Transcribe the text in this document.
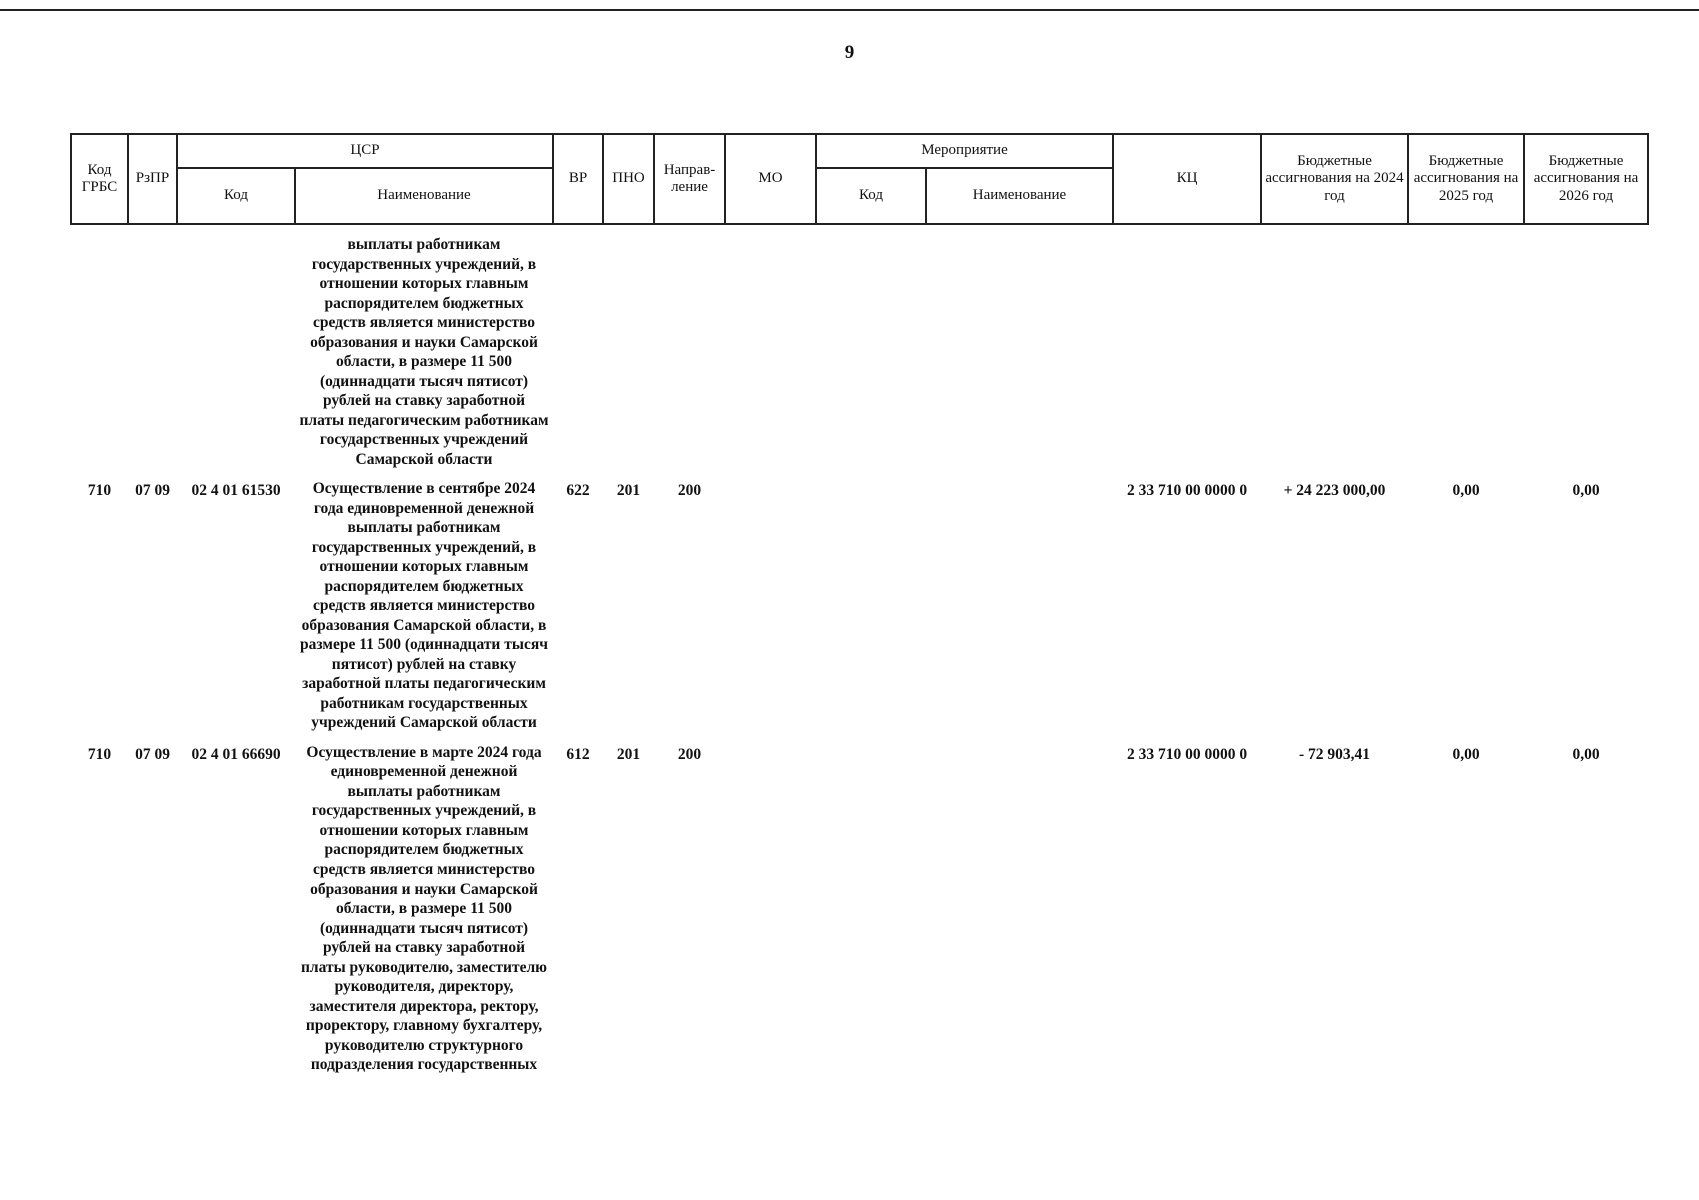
9
Код ГРБС	РзПР	ЦСР		ВР	ПНО	Направ-ление	МО	Мероприятие		КЦ	Бюджетные ассигнования на 2024 год	Бюджетные ассигнования на 2025 год	Бюджетные ассигнования на 2026 год
		Код	Наименование					Код	Наименование				

			выплаты работникам государственных учреждений, в отношении которых главным распорядителем бюджетных средств является министерство образования и науки Самарской области, в размере 11 500 (одиннадцати тысяч пятисот) рублей на ставку заработной платы педагогическим работникам государственных учреждений Самарской области										

710	07 09	02 4 01 61530	Осуществление в сентябре 2024 года единовременной денежной выплаты работникам государственных учреждений, в отношении которых главным распорядителем бюджетных средств является министерство образования Самарской области, в размере 11 500 (одиннадцати тысяч пятисот) рублей на ставку заработной платы педагогическим работникам государственных учреждений Самарской области	622	201	200				2 33 710 00 0000 0	+ 24 223 000,00	0,00	0,00

710	07 09	02 4 01 66690	Осуществление в марте 2024 года единовременной денежной выплаты работникам государственных учреждений, в отношении которых главным распорядителем бюджетных средств является министерство образования и науки Самарской области, в размере 11 500 (одиннадцати тысяч пятисот) рублей на ставку заработной платы руководителю, заместителю руководителя, директору, заместителя директора, ректору, проректору, главному бухгалтеру, руководителю структурного подразделения государственных	612	201	200				2 33 710 00 0000 0	- 72 903,41	0,00	0,00
